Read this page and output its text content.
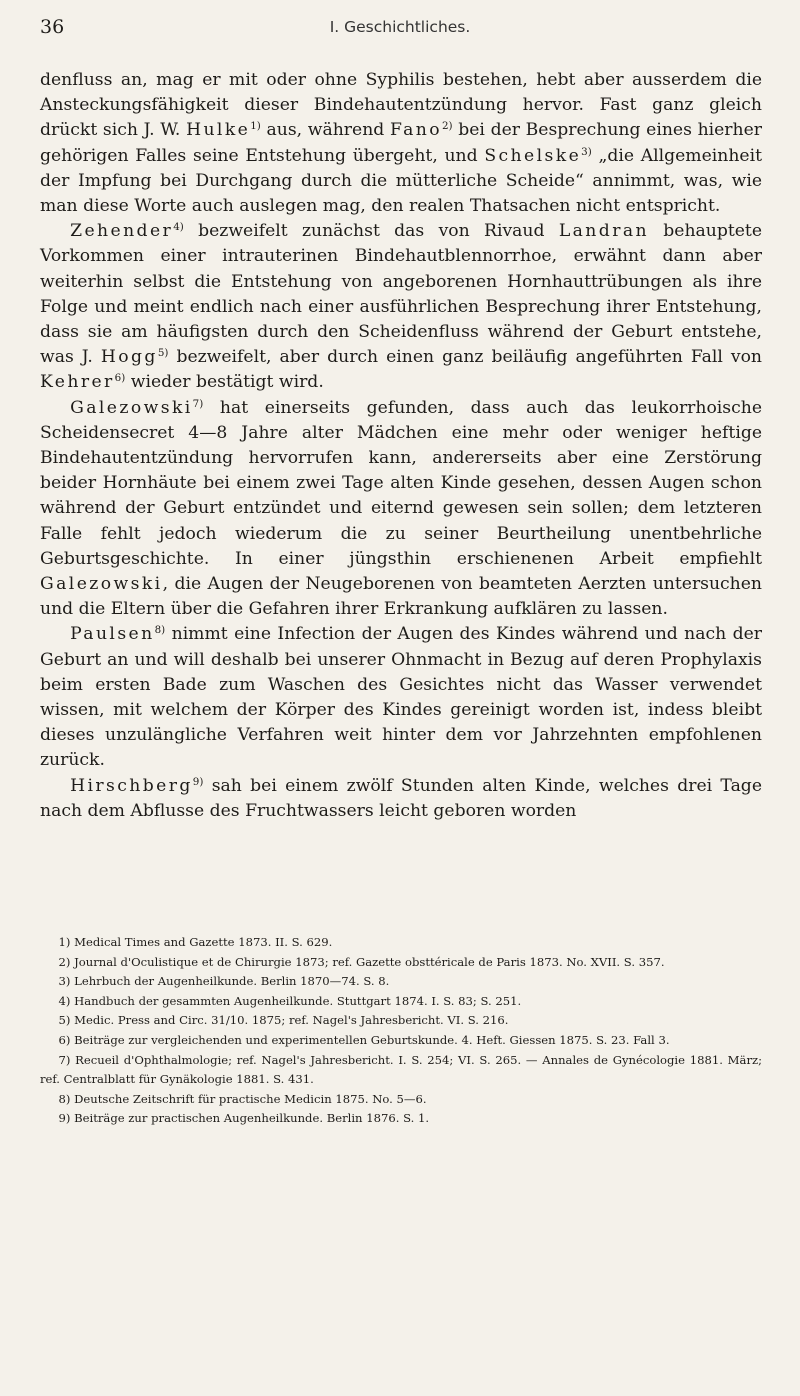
36	I. Geschichtliches.

denfluss an, mag er mit oder ohne Syphilis bestehen, hebt aber ausserdem die Ansteckungsfähigkeit dieser Bindehautentzündung hervor. Fast ganz gleich drückt sich J. W. Hulke$^{1)}$ aus, während Fano$^{2)}$ bei der Besprechung eines hierher gehörigen Falles seine Entstehung übergeht, und Schelske$^{3)}$ „die Allgemeinheit der Impfung bei Durchgang durch die mütterliche Scheide“ annimmt, was, wie man diese Worte auch auslegen mag, den realen Thatsachen nicht entspricht.

Zehender$^{4)}$ bezweifelt zunächst das von Rivaud Landran behauptete Vorkommen einer intrauterinen Bindehautblennorrhoe, erwähnt dann aber weiterhin selbst die Entstehung von angeborenen Hornhauttrübungen als ihre Folge und meint endlich nach einer ausführlichen Besprechung ihrer Entstehung, dass sie am häufigsten durch den Scheidenfluss während der Geburt entstehe, was J. Hogg$^{5)}$ bezweifelt, aber durch einen ganz beiläufig angeführten Fall von Kehrer$^{6)}$ wieder bestätigt wird.

Galezowski$^{7)}$ hat einerseits gefunden, dass auch das leukorrhoische Scheidensecret 4—8 Jahre alter Mädchen eine mehr oder weniger heftige Bindehautentzündung hervorrufen kann, andererseits aber eine Zerstörung beider Hornhäute bei einem zwei Tage alten Kinde gesehen, dessen Augen schon während der Geburt entzündet und eiternd gewesen sein sollen; dem letzteren Falle fehlt jedoch wiederum die zu seiner Beurtheilung unentbehrliche Geburtsgeschichte. In einer jüngsthin erschienenen Arbeit empfiehlt Galezowski, die Augen der Neugeborenen von beamteten Aerzten untersuchen und die Eltern über die Gefahren ihrer Erkrankung aufklären zu lassen.

Paulsen$^{8)}$ nimmt eine Infection der Augen des Kindes während und nach der Geburt an und will deshalb bei unserer Ohnmacht in Bezug auf deren Prophylaxis beim ersten Bade zum Waschen des Gesichtes nicht das Wasser verwendet wissen, mit welchem der Körper des Kindes gereinigt worden ist, indess bleibt dieses unzulängliche Verfahren weit hinter dem vor Jahrzehnten empfohlenen zurück.

Hirschberg$^{9)}$ sah bei einem zwölf Stunden alten Kinde, welches drei Tage nach dem Abflusse des Fruchtwassers leicht geboren worden

1) Medical Times and Gazette 1873. II. S. 629.

2) Journal d'Oculistique et de Chirurgie 1873; ref. Gazette obsttéricale de Paris 1873. No. XVII. S. 357.

3) Lehrbuch der Augenheilkunde. Berlin 1870—74. S. 8.

4) Handbuch der gesammten Augenheilkunde. Stuttgart 1874. I. S. 83; S. 251.

5) Medic. Press and Circ. 31/10. 1875; ref. Nagel's Jahresbericht. VI. S. 216.

6) Beiträge zur vergleichenden und experimentellen Geburtskunde. 4. Heft. Giessen 1875. S. 23. Fall 3.

7) Recueil d'Ophthalmologie; ref. Nagel's Jahresbericht. I. S. 254; VI. S. 265. — Annales de Gynécologie 1881. März; ref. Centralblatt für Gynäkologie 1881. S. 431.

8) Deutsche Zeitschrift für practische Medicin 1875. No. 5—6.

9) Beiträge zur practischen Augenheilkunde. Berlin 1876. S. 1.
